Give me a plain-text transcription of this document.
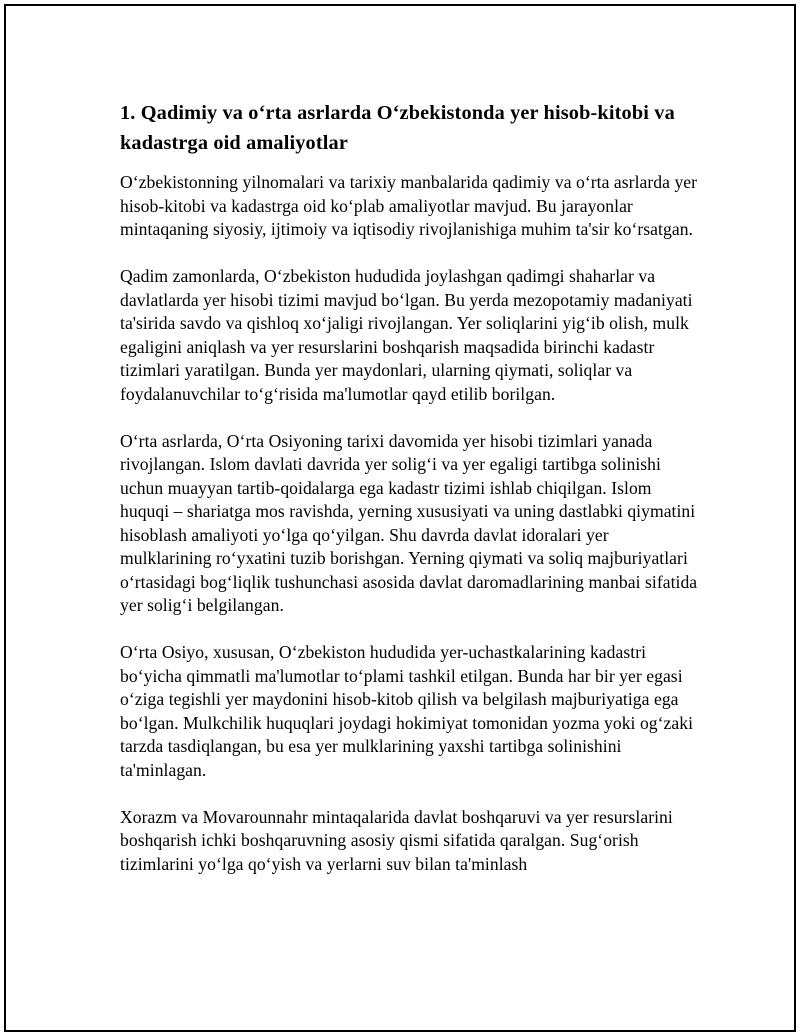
1. Qadimiy va o‘rta asrlarda O‘zbekistonda yer hisob-kitobi va kadastrga oid amaliyotlar

O‘zbekistonning yilnomalari va tarixiy manbalarida qadimiy va o‘rta asrlarda yer hisob-kitobi va kadastrga oid ko‘plab amaliyotlar mavjud. Bu jarayonlar mintaqaning siyosiy, ijtimoiy va iqtisodiy rivojlanishiga muhim ta'sir ko‘rsatgan.

Qadim zamonlarda, O‘zbekiston hududida joylashgan qadimgi shaharlar va davlatlarda yer hisobi tizimi mavjud bo‘lgan. Bu yerda mezopotamiy madaniyati ta'sirida savdo va qishloq xo‘jaligi rivojlangan. Yer soliqlarini yig‘ib olish, mulk egaligini aniqlash va yer resurslarini boshqarish maqsadida birinchi kadastr tizimlari yaratilgan. Bunda yer maydonlari, ularning qiymati, soliqlar va foydalanuvchilar to‘g‘risida ma'lumotlar qayd etilib borilgan.

O‘rta asrlarda, O‘rta Osiyoning tarixi davomida yer hisobi tizimlari yanada rivojlangan. Islom davlati davrida yer solig‘i va yer egaligi tartibga solinishi uchun muayyan tartib-qoidalarga ega kadastr tizimi ishlab chiqilgan. Islom huquqi – shariatga mos ravishda, yerning xususiyati va uning dastlabki qiymatini hisoblash amaliyoti yo‘lga qo‘yilgan. Shu davrda davlat idoralari yer mulklarining ro‘yxatini tuzib borishgan. Yerning qiymati va soliq majburiyatlari o‘rtasidagi bog‘liqlik tushunchasi asosida davlat daromadlarining manbai sifatida yer solig‘i belgilangan.

O‘rta Osiyo, xususan, O‘zbekiston hududida yer-uchastkalarining kadastri bo‘yicha qimmatli ma'lumotlar to‘plami tashkil etilgan. Bunda har bir yer egasi o‘ziga tegishli yer maydonini hisob-kitob qilish va belgilash majburiyatiga ega bo‘lgan. Mulkchilik huquqlari joydagi hokimiyat tomonidan yozma yoki og‘zaki tarzda tasdiqlangan, bu esa yer mulklarining yaxshi tartibga solinishini ta'minlagan.

Xorazm va Movarounnahr mintaqalarida davlat boshqaruvi va yer resurslarini boshqarish ichki boshqaruvning asosiy qismi sifatida qaralgan. Sug‘orish tizimlarini yo‘lga qo‘yish va yerlarni suv bilan ta'minlash
